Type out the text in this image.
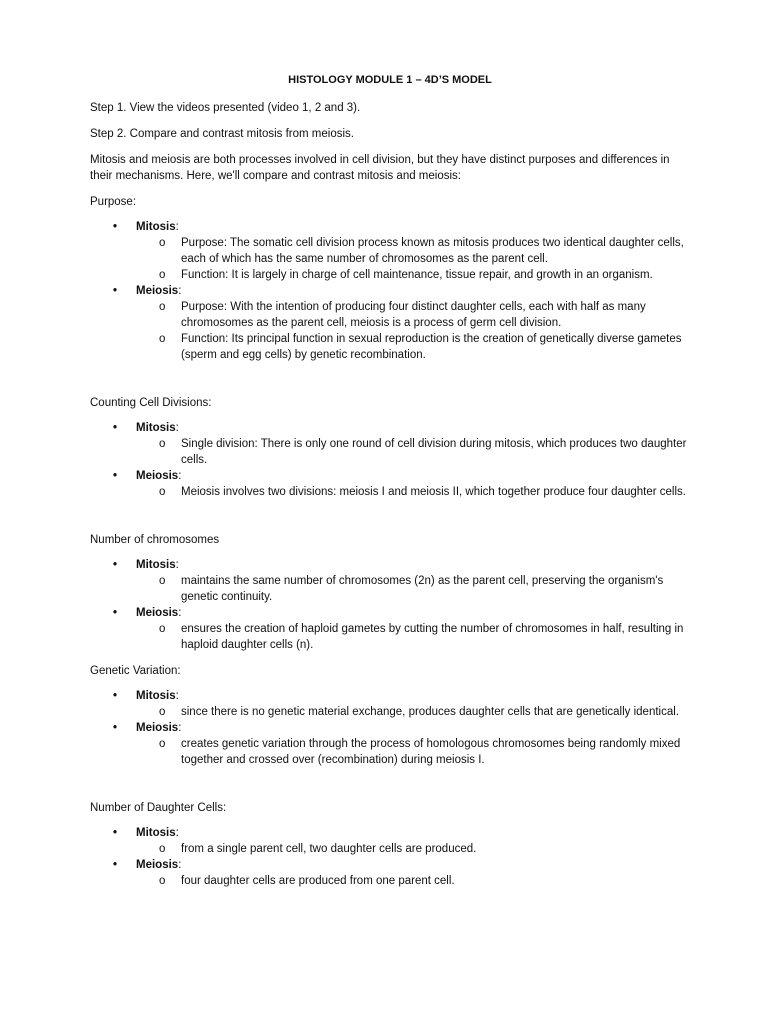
HISTOLOGY MODULE 1 – 4D’S MODEL

Step 1. View the videos presented (video 1, 2 and 3).

Step 2. Compare and contrast mitosis from meiosis.

Mitosis and meiosis are both processes involved in cell division, but they have distinct purposes and differences in their mechanisms. Here, we'll compare and contrast mitosis and meiosis:

Purpose:

• Mitosis:
o Purpose: The somatic cell division process known as mitosis produces two identical daughter cells, each of which has the same number of chromosomes as the parent cell.
o Function: It is largely in charge of cell maintenance, tissue repair, and growth in an organism.
• Meiosis:
o Purpose: With the intention of producing four distinct daughter cells, each with half as many chromosomes as the parent cell, meiosis is a process of germ cell division.
o Function: Its principal function in sexual reproduction is the creation of genetically diverse gametes (sperm and egg cells) by genetic recombination.

Counting Cell Divisions:

• Mitosis:
o Single division: There is only one round of cell division during mitosis, which produces two daughter cells.
• Meiosis:
o Meiosis involves two divisions: meiosis I and meiosis II, which together produce four daughter cells.

Number of chromosomes

• Mitosis:
o maintains the same number of chromosomes (2n) as the parent cell, preserving the organism's genetic continuity.
• Meiosis:
o ensures the creation of haploid gametes by cutting the number of chromosomes in half, resulting in haploid daughter cells (n).

Genetic Variation:

• Mitosis:
o since there is no genetic material exchange, produces daughter cells that are genetically identical.
• Meiosis:
o creates genetic variation through the process of homologous chromosomes being randomly mixed together and crossed over (recombination) during meiosis I.

Number of Daughter Cells:

• Mitosis:
o from a single parent cell, two daughter cells are produced.
• Meiosis:
o four daughter cells are produced from one parent cell.
